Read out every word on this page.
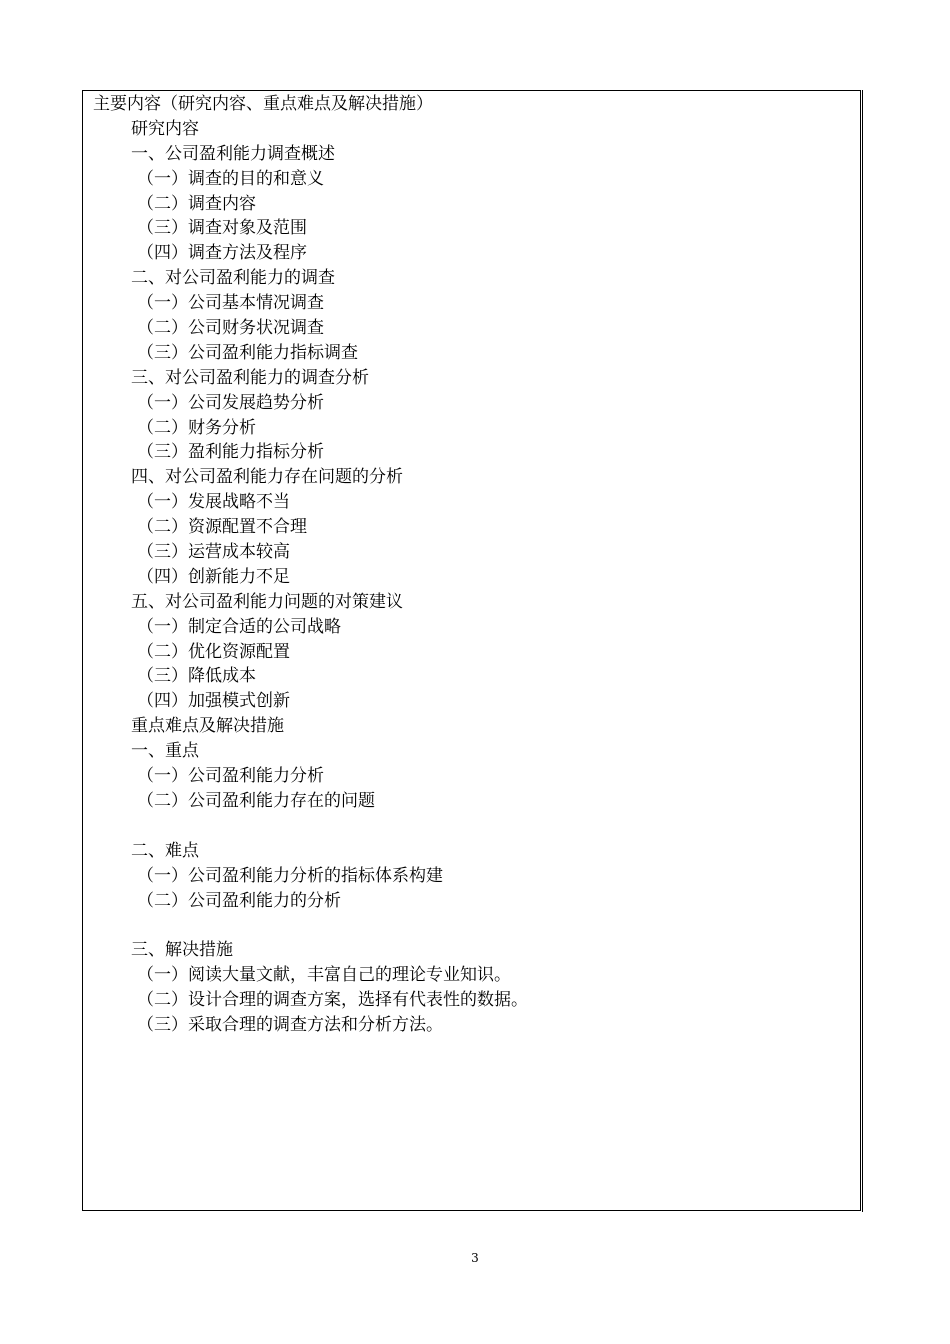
主要内容（研究内容、重点难点及解决措施）
研究内容
一、公司盈利能力调查概述
（一）调查的目的和意义
（二）调查内容
（三）调查对象及范围
（四）调查方法及程序
二、对公司盈利能力的调查
（一）公司基本情况调查
（二）公司财务状况调查
（三）公司盈利能力指标调查
三、对公司盈利能力的调查分析
（一）公司发展趋势分析
（二）财务分析
（三）盈利能力指标分析
四、对公司盈利能力存在问题的分析
（一）发展战略不当
（二）资源配置不合理
（三）运营成本较高
（四）创新能力不足
五、对公司盈利能力问题的对策建议
（一）制定合适的公司战略
（二）优化资源配置
（三）降低成本
（四）加强模式创新
重点难点及解决措施
一、重点
（一）公司盈利能力分析
（二）公司盈利能力存在的问题
二、难点
（一）公司盈利能力分析的指标体系构建
（二）公司盈利能力的分析
三、解决措施
（一）阅读大量文献，丰富自己的理论专业知识。
（二）设计合理的调查方案，选择有代表性的数据。
（三）采取合理的调查方法和分析方法。
3
